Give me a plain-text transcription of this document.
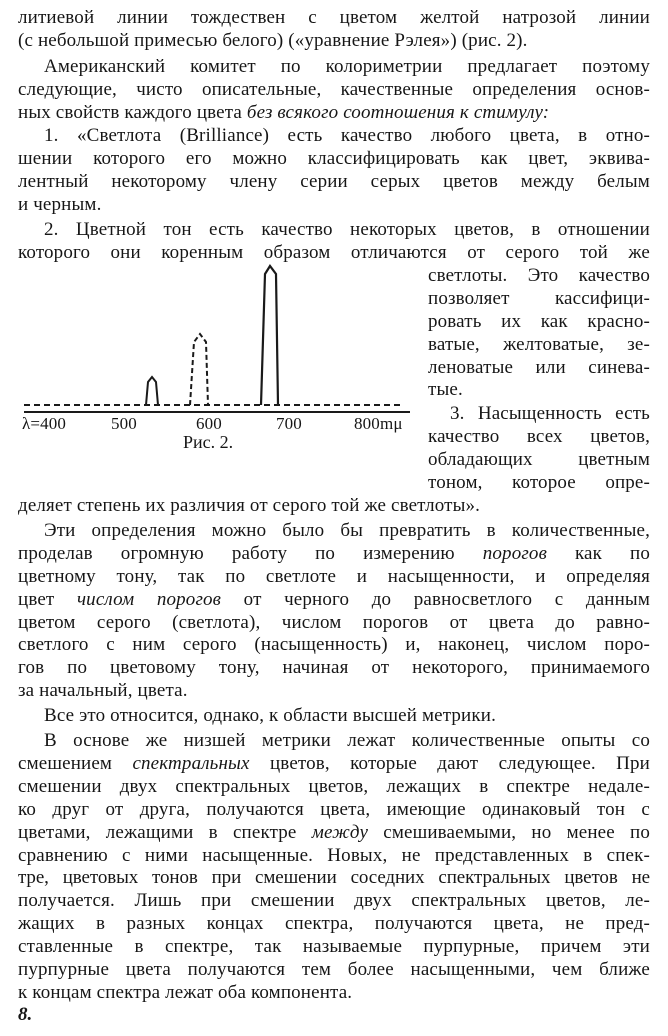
литиевой линии тождествен с цветом желтой натрозой линии
(с небольшой примесью белого) («уравнение Рэлея») (рис. 2).
Американский комитет по колориметрии предлагает поэтому
следующие, чисто описательные, качественные определения основ-
ных свойств каждого цвета без всякого соотношения к стимулу:
1. «Светлота (Brilliance) есть качество любого цвета, в отно-
шении которого его можно классифицировать как цвет, эквива-
лентный некоторому члену серии серых цветов между белым
и черным.
2. Цветной тон есть качество некоторых цветов, в отношении
которого они коренным образом отличаются от серого той же
светлоты. Это качество
позволяет кассифици-
ровать их как красно-
ватые, желтоватые, зе-
леноватые или синева-
тые.
3. Насыщенность есть
качество всех цветов,
обладающих цветным
тоном, которое опре-
деляет степень их различия от серого той же светлоты».
λ=400	500	600	700	800mμ
Рис. 2.
Эти определения можно было бы превратить в количественные,
проделав огромную работу по измерению порогов как по
цветному тону, так по светлоте и насыщенности, и определяя
цвет числом порогов от черного до равносветлого с данным
цветом серого (светлота), числом порогов от цвета до равно-
светлого с ним серого (насыщенность) и, наконец, числом поро-
гов по цветовому тону, начиная от некоторого, принимаемого
за начальный, цвета.
Все это относится, однако, к области высшей метрики.
В основе же низшей метрики лежат количественные опыты со
смешением спектральных цветов, которые дают следующее. При
смешении двух спектральных цветов, лежащих в спектре недале-
ко друг от друга, получаются цвета, имеющие одинаковый тон с
цветами, лежащими в спектре между смешиваемыми, но менее по
сравнению с ними насыщенные. Новых, не представленных в спек-
тре, цветовых тонов при смешении соседних спектральных цветов не
получается. Лишь при смешении двух спектральных цветов, ле-
жащих в разных концах спектра, получаются цвета, не пред-
ставленные в спектре, так называемые пурпурные, причем эти
пурпурные цвета получаются тем более насыщенными, чем ближе
к концам спектра лежат оба компонента.
8.
